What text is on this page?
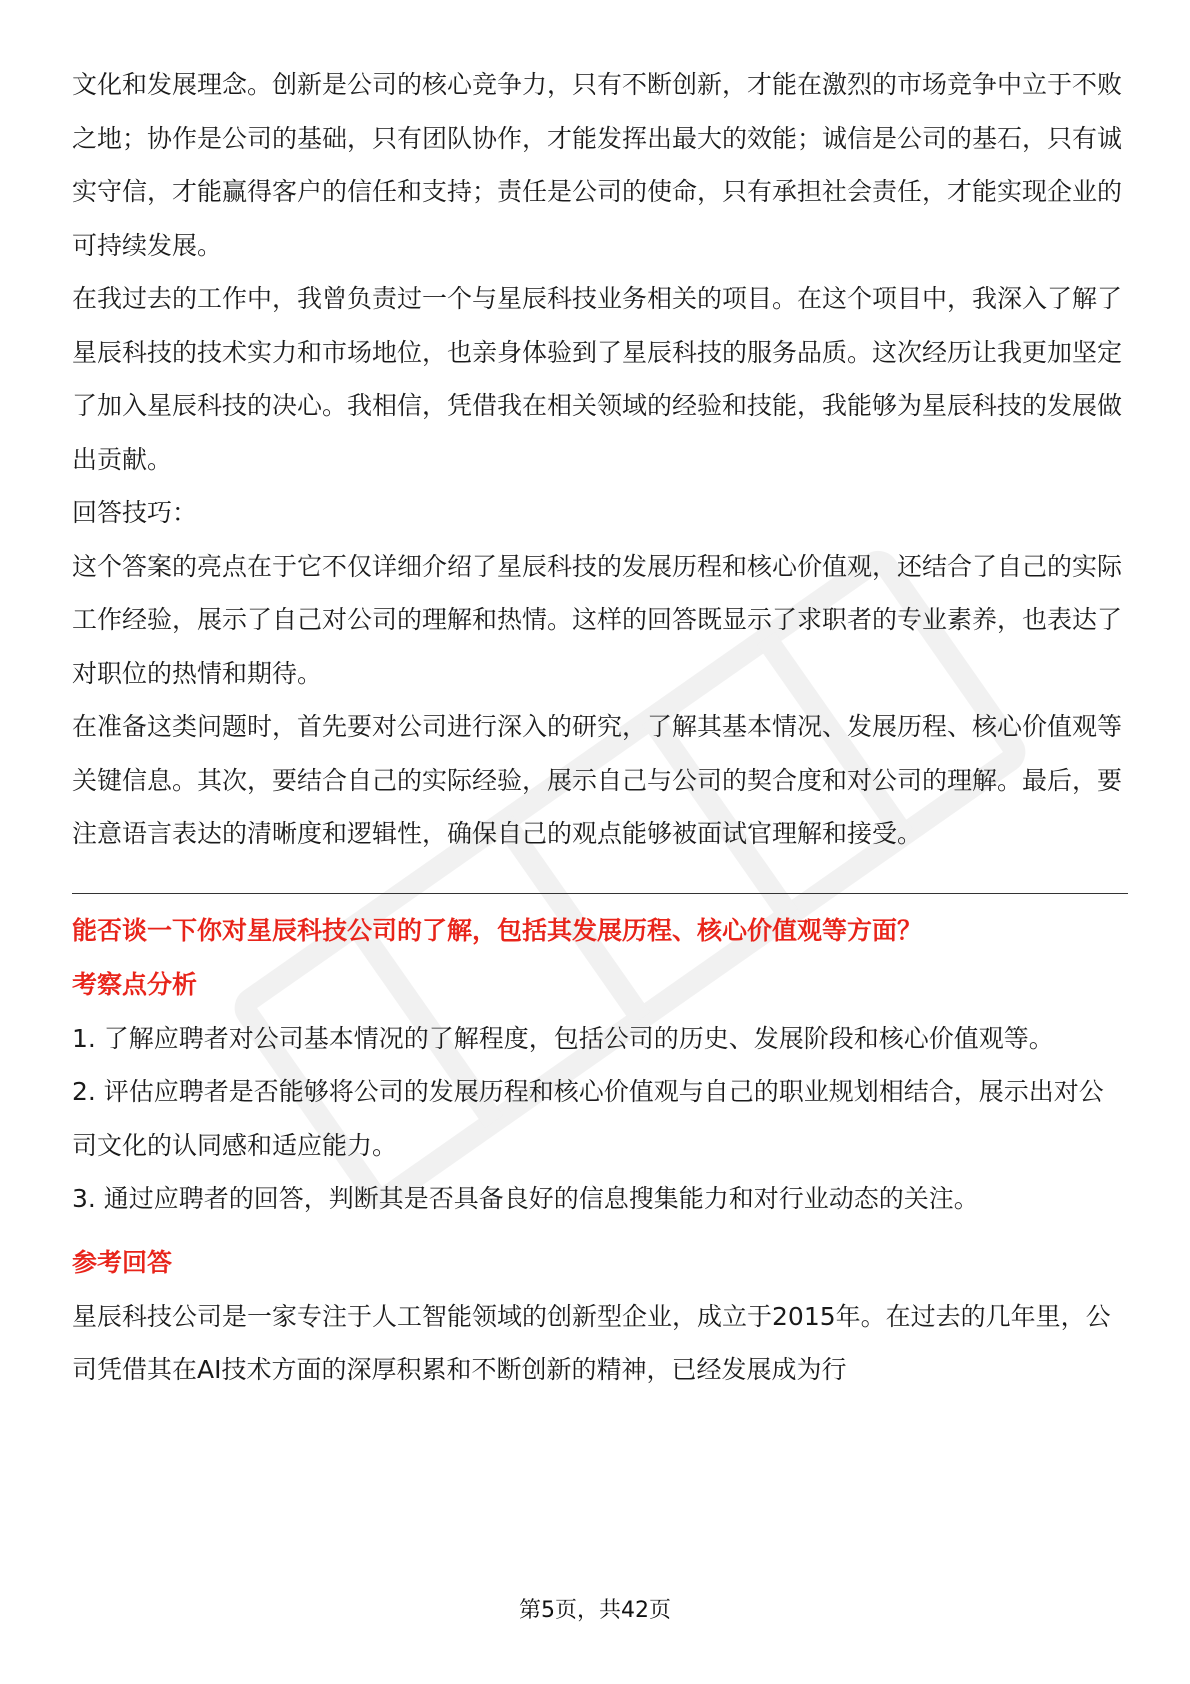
文化和发展理念。创新是公司的核心竞争力，只有不断创新，才能在激烈的市场竞争中立于不败之地；协作是公司的基础，只有团队协作，才能发挥出最大的效能；诚信是公司的基石，只有诚实守信，才能赢得客户的信任和支持；责任是公司的使命，只有承担社会责任，才能实现企业的可持续发展。

在我过去的工作中，我曾负责过一个与星辰科技业务相关的项目。在这个项目中，我深入了解了星辰科技的技术实力和市场地位，也亲身体验到了星辰科技的服务品质。这次经历让我更加坚定了加入星辰科技的决心。我相信，凭借我在相关领域的经验和技能，我能够为星辰科技的发展做出贡献。

回答技巧：

这个答案的亮点在于它不仅详细介绍了星辰科技的发展历程和核心价值观，还结合了自己的实际工作经验，展示了自己对公司的理解和热情。这样的回答既显示了求职者的专业素养，也表达了对职位的热情和期待。

在准备这类问题时，首先要对公司进行深入的研究，了解其基本情况、发展历程、核心价值观等关键信息。其次，要结合自己的实际经验，展示自己与公司的契合度和对公司的理解。最后，要注意语言表达的清晰度和逻辑性，确保自己的观点能够被面试官理解和接受。

能否谈一下你对星辰科技公司的了解，包括其发展历程、核心价值观等方面？

考察点分析

1. 了解应聘者对公司基本情况的了解程度，包括公司的历史、发展阶段和核心价值观等。

2. 评估应聘者是否能够将公司的发展历程和核心价值观与自己的职业规划相结合，展示出对公司文化的认同感和适应能力。

3. 通过应聘者的回答，判断其是否具备良好的信息搜集能力和对行业动态的关注。

参考回答

星辰科技公司是一家专注于人工智能领域的创新型企业，成立于2015年。在过去的几年里，公司凭借其在AI技术方面的深厚积累和不断创新的精神，已经发展成为行

第5页，共42页
